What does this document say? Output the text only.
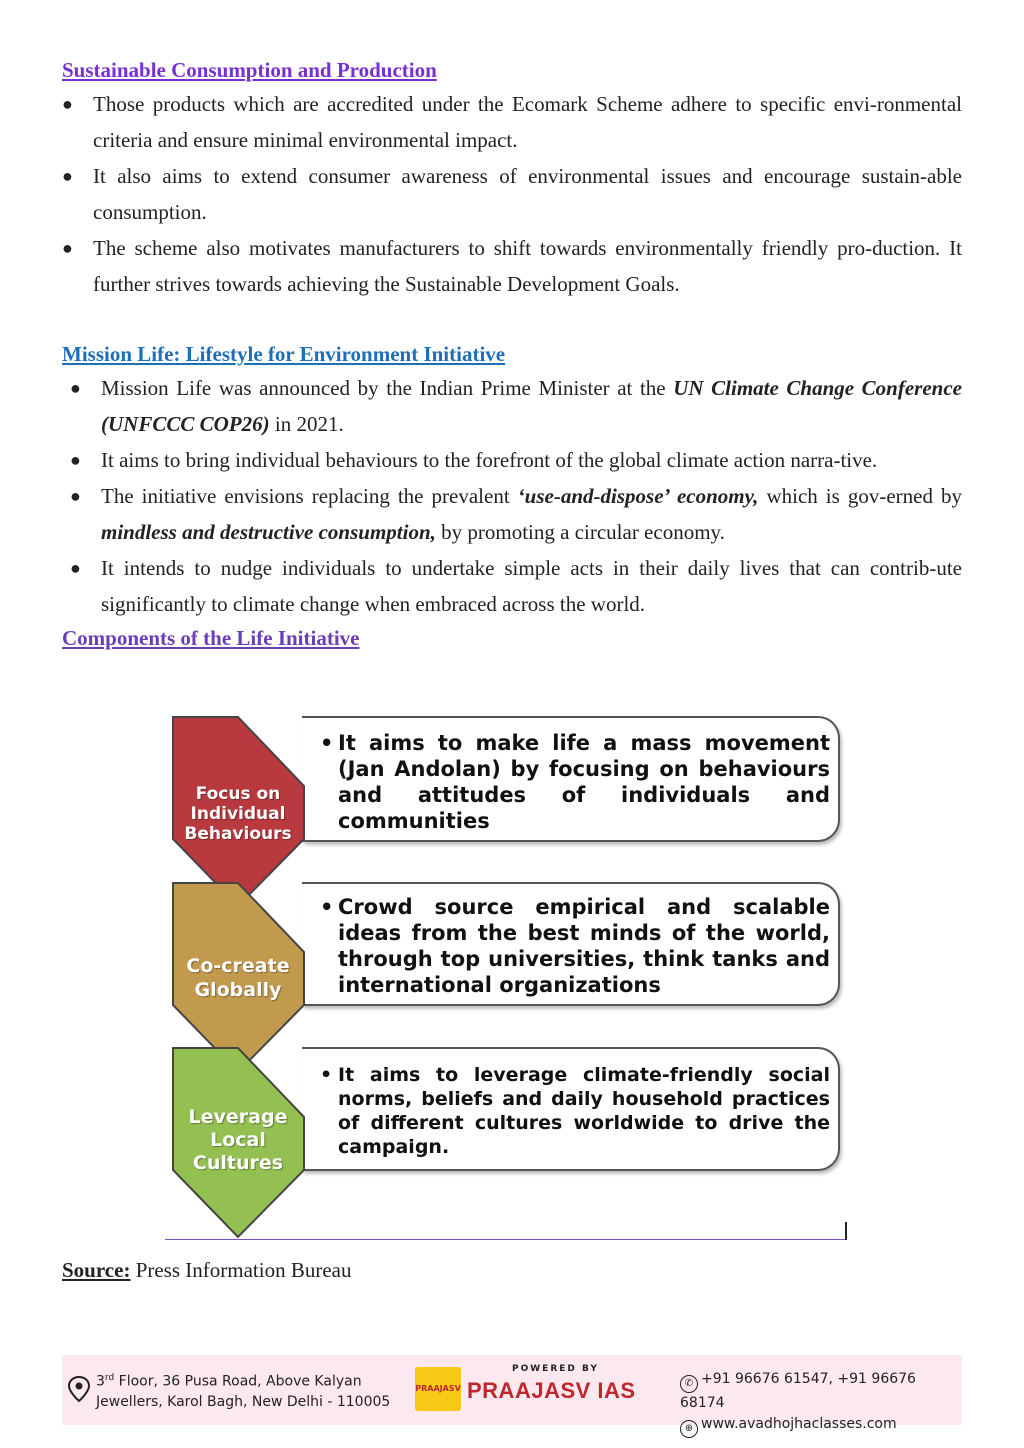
Sustainable Consumption and Production
● Those products which are accredited under the Ecomark Scheme adhere to specific envi-ronmental criteria and ensure minimal environmental impact.
● It also aims to extend consumer awareness of environmental issues and encourage sustain-able consumption.
● The scheme also motivates manufacturers to shift towards environmentally friendly pro-duction. It further strives towards achieving the Sustainable Development Goals.
Mission Life: Lifestyle for Environment Initiative
● Mission Life was announced by the Indian Prime Minister at the UN Climate Change Conference (UNFCCC COP26) in 2021.
● It aims to bring individual behaviours to the forefront of the global climate action narra-tive.
● The initiative envisions replacing the prevalent ‘use-and-dispose’ economy, which is gov-erned by mindless and destructive consumption, by promoting a circular economy.
● It intends to nudge individuals to undertake simple acts in their daily lives that can contrib-ute significantly to climate change when embraced across the world.
Components of the Life Initiative
• It aims to make life a mass movement (Jan Andolan) by focusing on behaviours and attitudes of individuals and communities
Focus on Individual Behaviours
• Crowd source empirical and scalable ideas from the best minds of the world, through top universities, think tanks and international organizations
Co-create Globally
• It aims to leverage climate-friendly social norms, beliefs and daily household practices of different cultures worldwide to drive the campaign.
Leverage Local Cultures
Source: Press Information Bureau
3rd Floor, 36 Pusa Road, Above Kalyan
Jewellers, Karol Bagh, New Delhi - 110005
PRAAJASV
POWERED BY
PRAAJASV IAS	✆ +91 96676 61547, +91 96676 68174
⊕ www.avadhojhaclasses.com
